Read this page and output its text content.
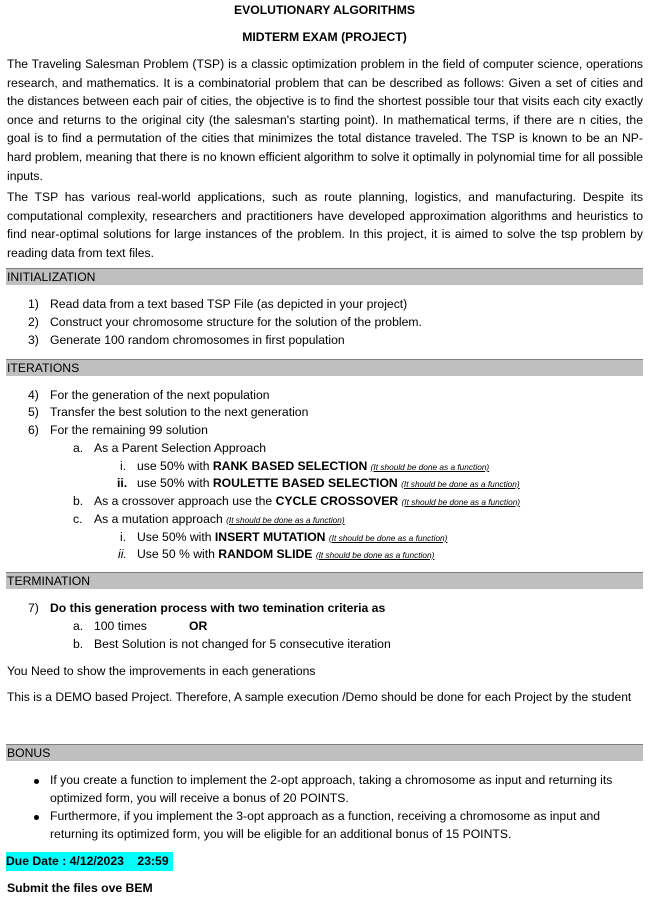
EVOLUTIONARY ALGORITHMS
MIDTERM EXAM (PROJECT)
The Traveling Salesman Problem (TSP) is a classic optimization problem in the field of computer science, operations research, and mathematics. It is a combinatorial problem that can be described as follows: Given a set of cities and the distances between each pair of cities, the objective is to find the shortest possible tour that visits each city exactly once and returns to the original city (the salesman's starting point). In mathematical terms, if there are n cities, the goal is to find a permutation of the cities that minimizes the total distance traveled. The TSP is known to be an NP-hard problem, meaning that there is no known efficient algorithm to solve it optimally in polynomial time for all possible inputs.
The TSP has various real-world applications, such as route planning, logistics, and manufacturing. Despite its computational complexity, researchers and practitioners have developed approximation algorithms and heuristics to find near-optimal solutions for large instances of the problem. In this project, it is aimed to solve the tsp problem by reading data from text files.
INITIALIZATION
1) Read data from a text based TSP File (as depicted in your project)
2) Construct your chromosome structure for the solution of the problem.
3) Generate 100 random chromosomes in first population
ITERATIONS
4) For the generation of the next population
5) Transfer the best solution to the next generation
6) For the remaining 99 solution
a. As a Parent Selection Approach
i. use 50% with RANK BASED SELECTION (It should be done as a function)
ii. use 50% with ROULETTE BASED SELECTION (It should be done as a function)
b. As a crossover approach use the CYCLE CROSSOVER (It should be done as a function)
c. As a mutation approach (It should be done as a function)
i. Use 50% with INSERT MUTATION (It should be done as a function)
ii. Use 50 % with RANDOM SLIDE (It should be done as a function)
TERMINATION
7) Do this generation process with two temination criteria as
a. 100 times	OR
b. Best Solution is not changed for 5 consecutive iteration
You Need to show the improvements in each generations
This is a DEMO based Project. Therefore, A sample execution /Demo should be done for each Project by the student
BONUS
If you create a function to implement the 2-opt approach, taking a chromosome as input and returning its
optimized form, you will receive a bonus of 20 POINTS.
Furthermore, if you implement the 3-opt approach as a function, receiving a chromosome as input and
returning its optimized form, you will be eligible for an additional bonus of 15 POINTS.
Due Date : 4/12/2023    23:59
Submit the files ove BEM
